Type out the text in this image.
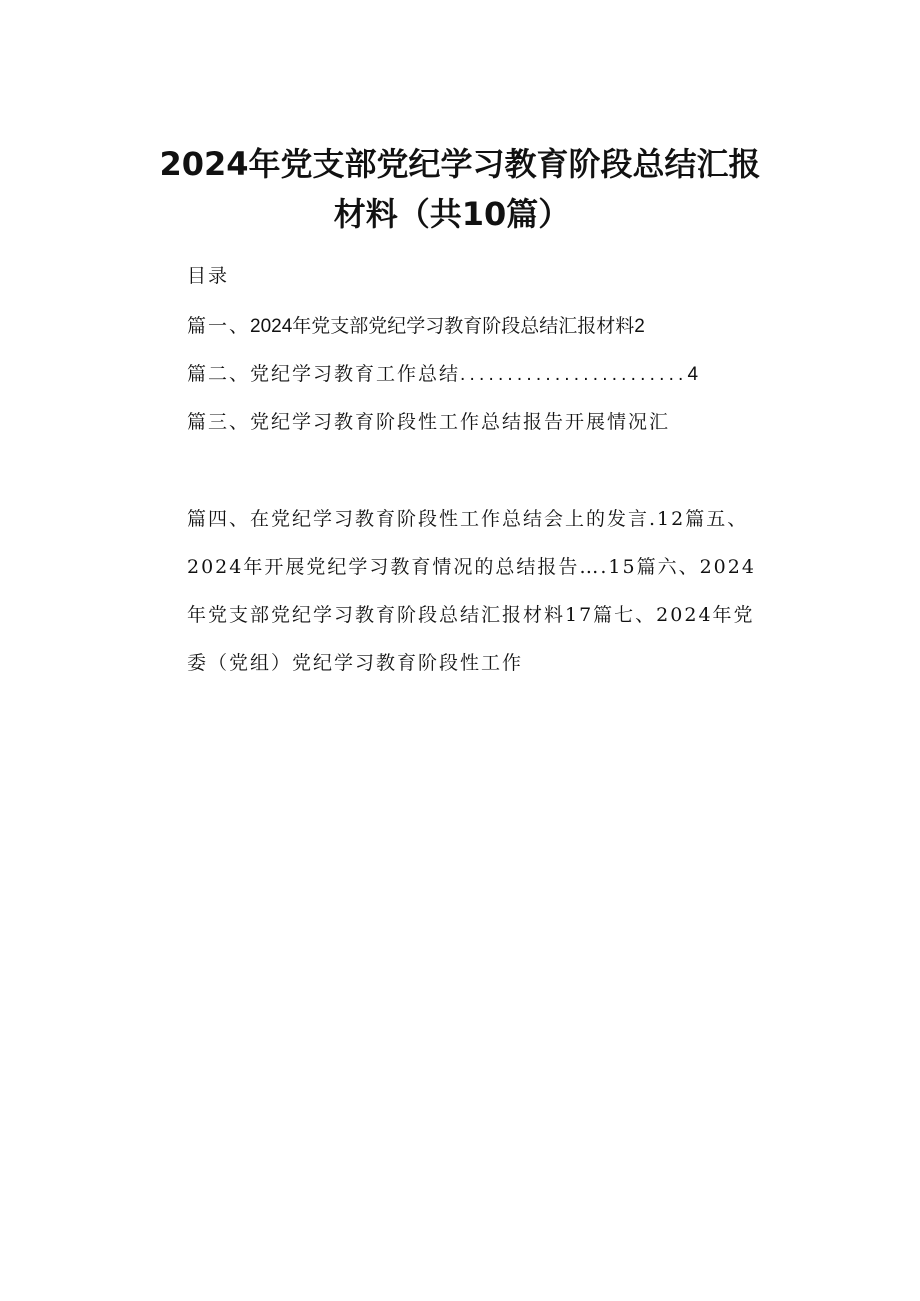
2024年党支部党纪学习教育阶段总结汇报
材料（共10篇）
目录
篇一、2024年党支部党纪学习教育阶段总结汇报材料2
篇二、党纪学习教育工作总结........................4
篇三、党纪学习教育阶段性工作总结报告开展情况汇
篇四、在党纪学习教育阶段性工作总结会上的发言.12篇五、
2024年开展党纪学习教育情况的总结报告….15篇六、2024
年党支部党纪学习教育阶段总结汇报材料17篇七、2024年党
委（党组）党纪学习教育阶段性工作
